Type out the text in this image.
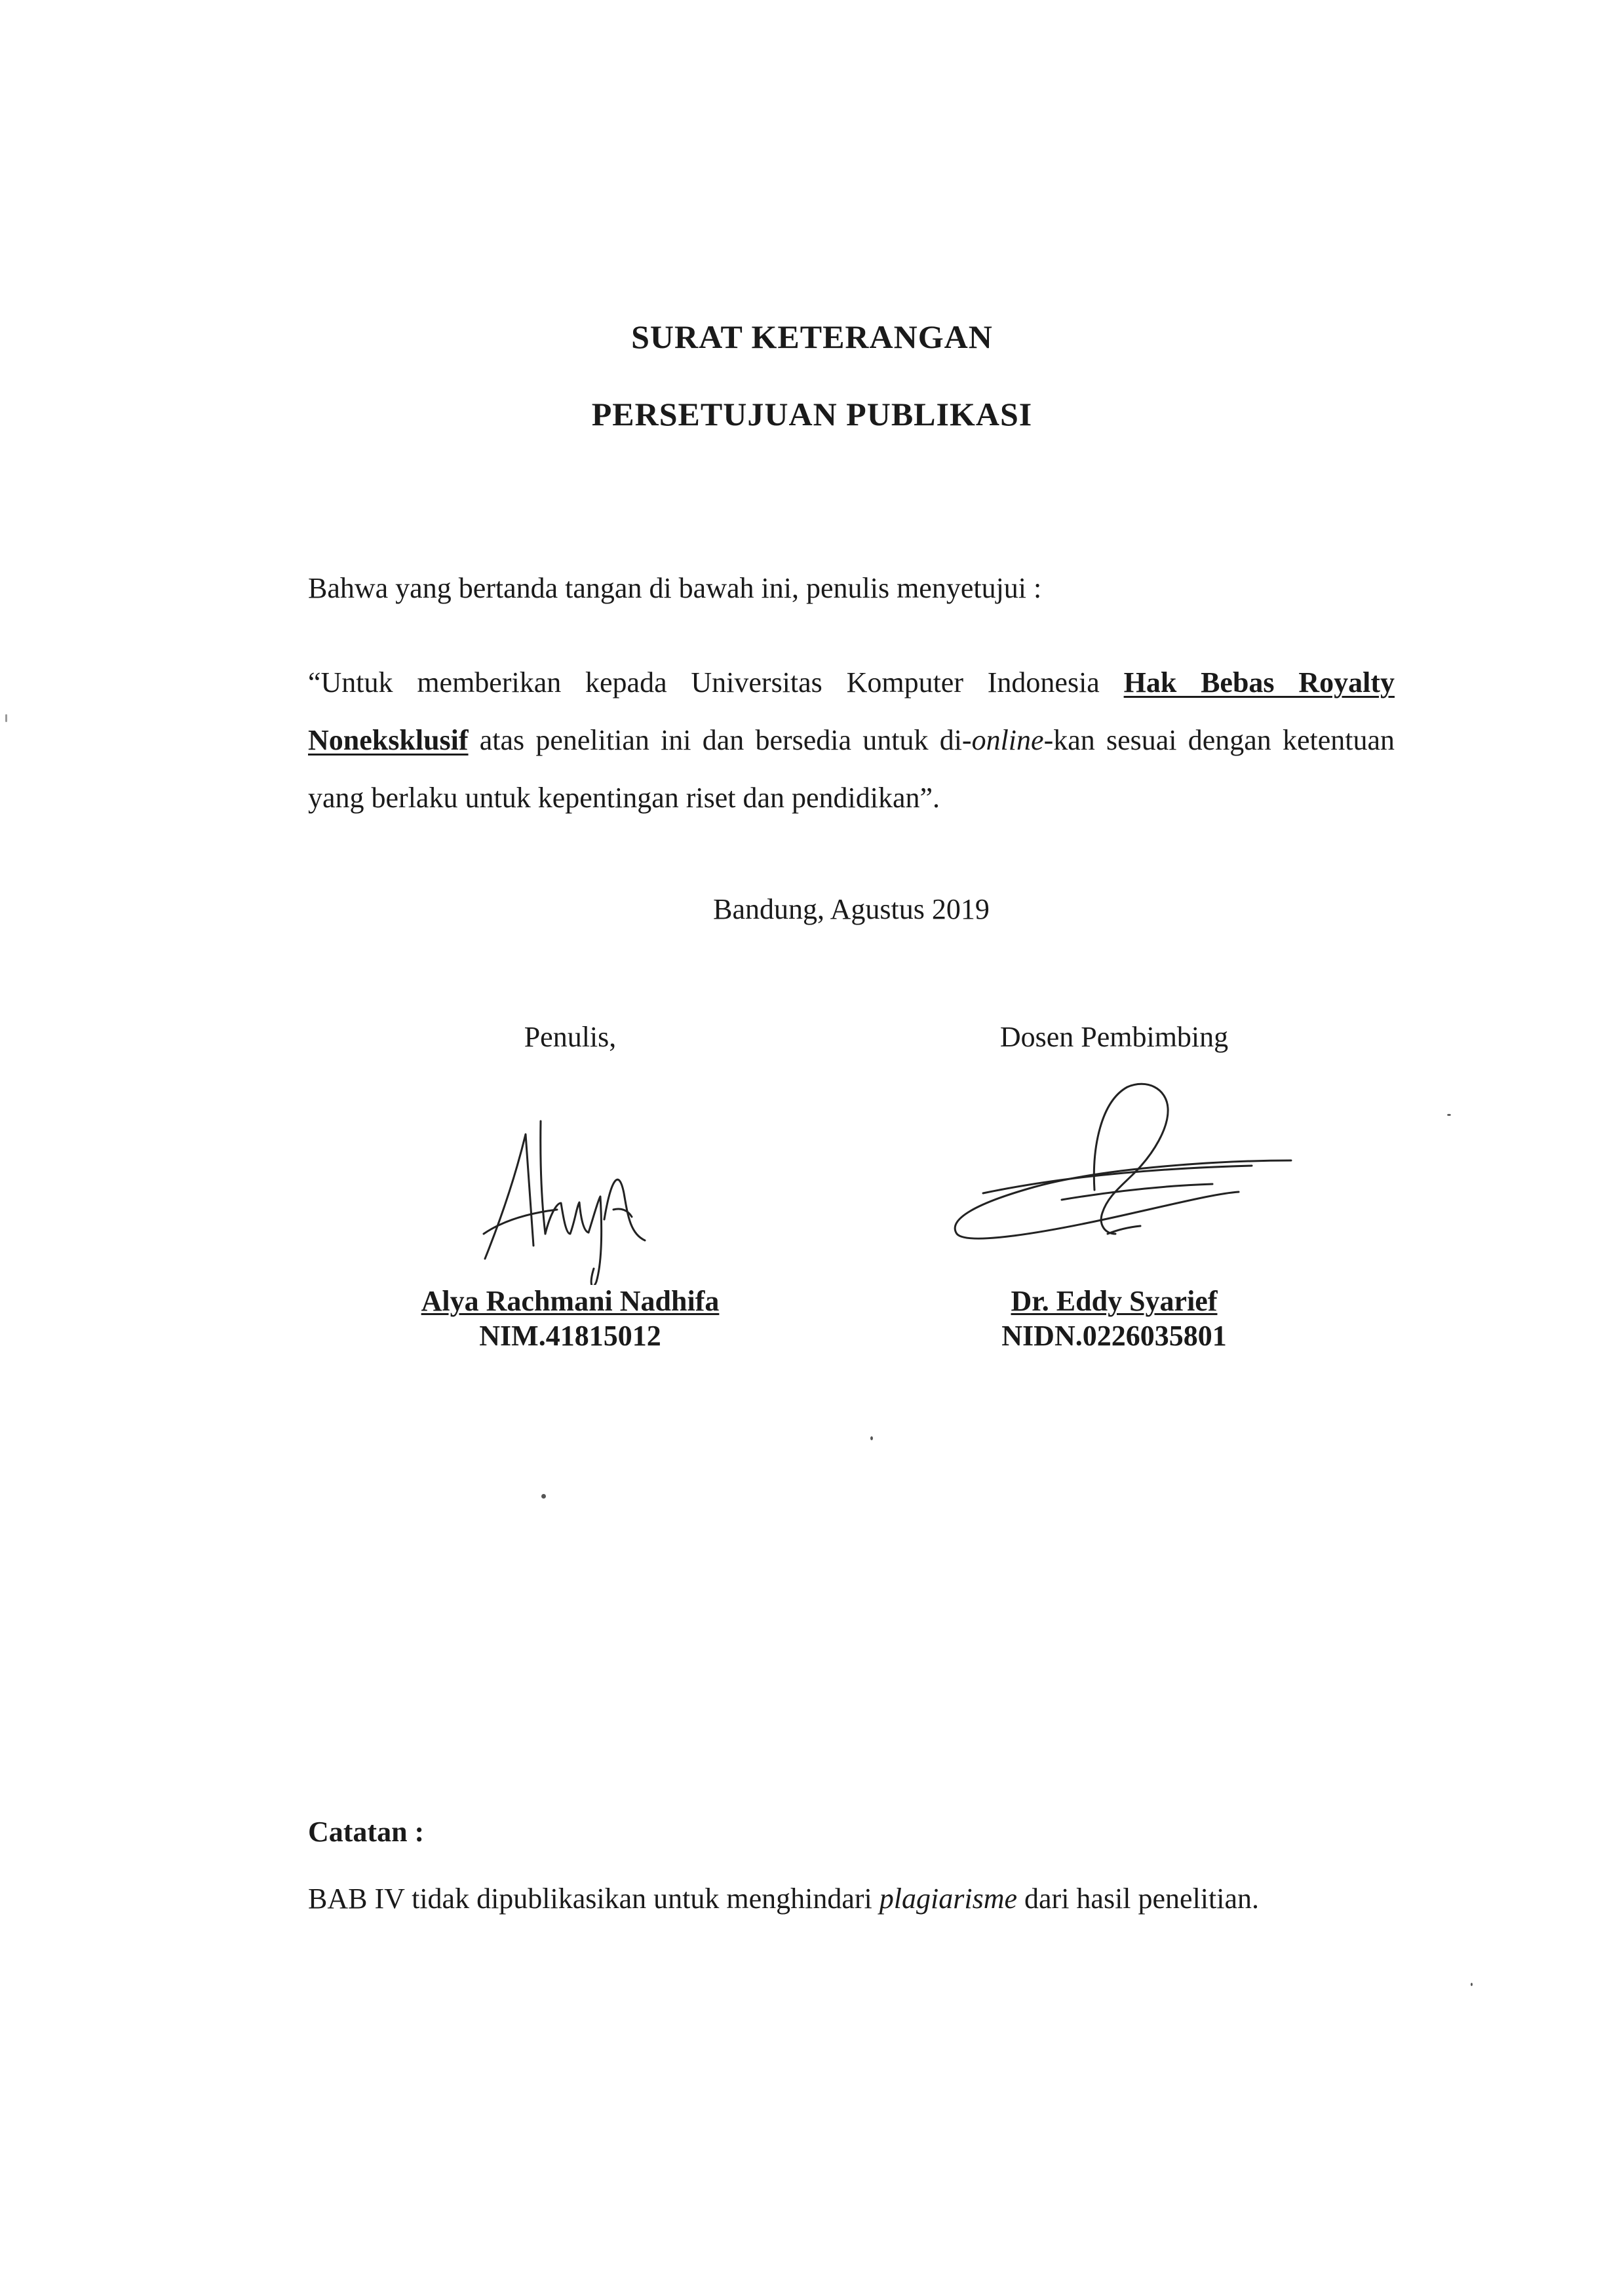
SURAT KETERANGAN
PERSETUJUAN PUBLIKASI
Bahwa yang bertanda tangan di bawah ini, penulis menyetujui :
“Untuk memberikan kepada Universitas Komputer Indonesia Hak Bebas Royalty Noneksklusif atas penelitian ini dan bersedia untuk di-online-kan sesuai dengan ketentuan yang berlaku untuk kepentingan riset dan pendidikan”.
Bandung, Agustus 2019
Penulis,
Alya Rachmani Nadhifa
NIM.41815012
Dosen Pembimbing
Dr. Eddy Syarief
NIDN.0226035801
Catatan :
BAB IV tidak dipublikasikan untuk menghindari plagiarisme dari hasil penelitian.
